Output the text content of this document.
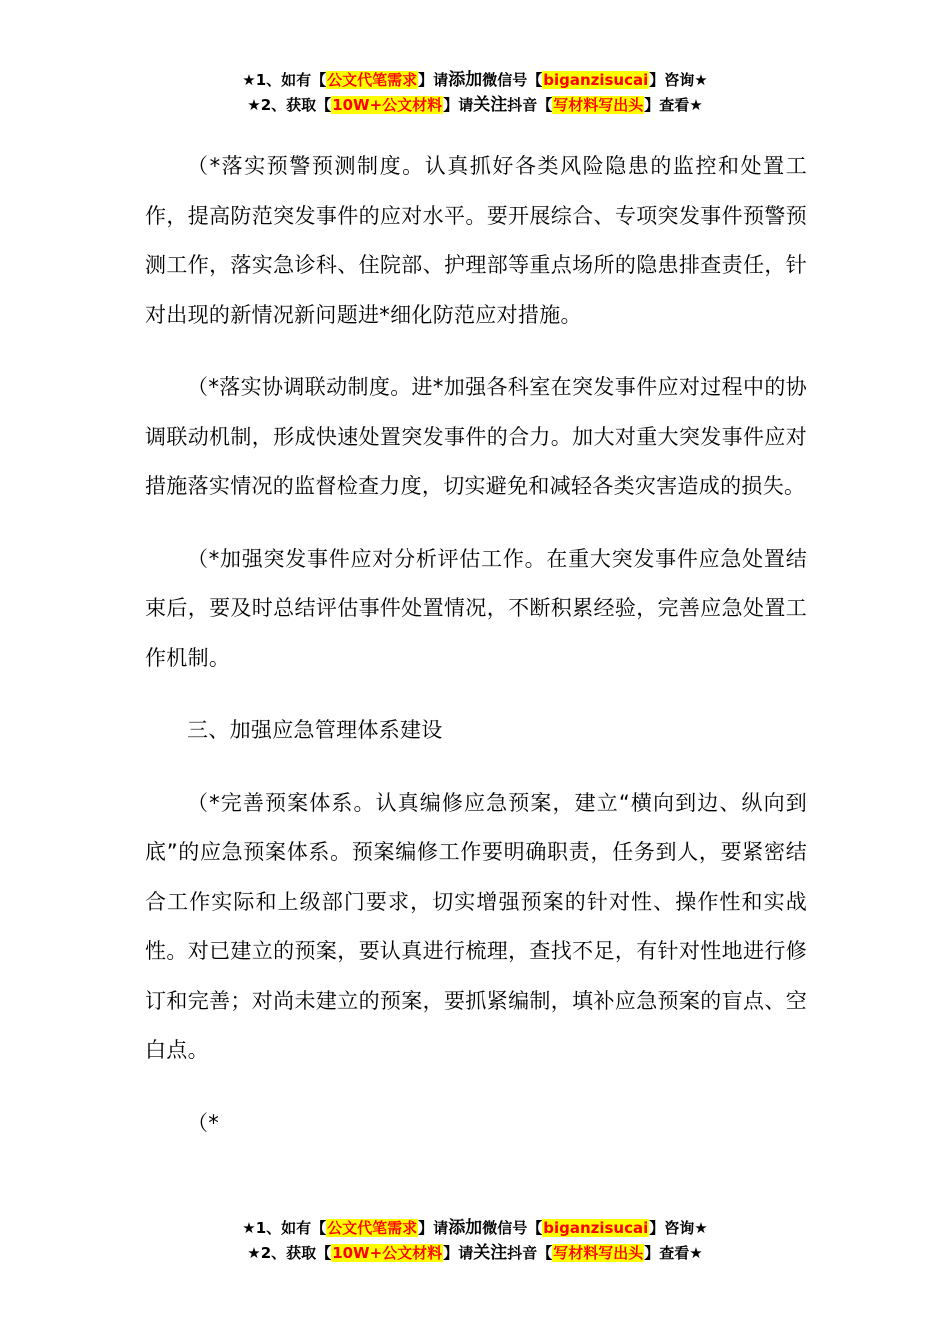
★1、如有【公文代笔需求】请添加微信号【biganzisucai】咨询★
★2、获取【10W+公文材料】请关注抖音【写材料写出头】查看★

（*落实预警预测制度。认真抓好各类风险隐患的监控和处置工作，提高防范突发事件的应对水平。要开展综合、专项突发事件预警预测工作，落实急诊科、住院部、护理部等重点场所的隐患排查责任，针对出现的新情况新问题进*细化防范应对措施。

（*落实协调联动制度。进*加强各科室在突发事件应对过程中的协调联动机制，形成快速处置突发事件的合力。加大对重大突发事件应对措施落实情况的监督检查力度，切实避免和减轻各类灾害造成的损失。

（*加强突发事件应对分析评估工作。在重大突发事件应急处置结束后，要及时总结评估事件处置情况，不断积累经验，完善应急处置工作机制。

三、加强应急管理体系建设

（*完善预案体系。认真编修应急预案，建立“横向到边、纵向到底”的应急预案体系。预案编修工作要明确职责，任务到人，要紧密结合工作实际和上级部门要求，切实增强预案的针对性、操作性和实战性。对已建立的预案，要认真进行梳理，查找不足，有针对性地进行修订和完善；对尚未建立的预案，要抓紧编制，填补应急预案的盲点、空白点。

（*

★1、如有【公文代笔需求】请添加微信号【biganzisucai】咨询★
★2、获取【10W+公文材料】请关注抖音【写材料写出头】查看★
